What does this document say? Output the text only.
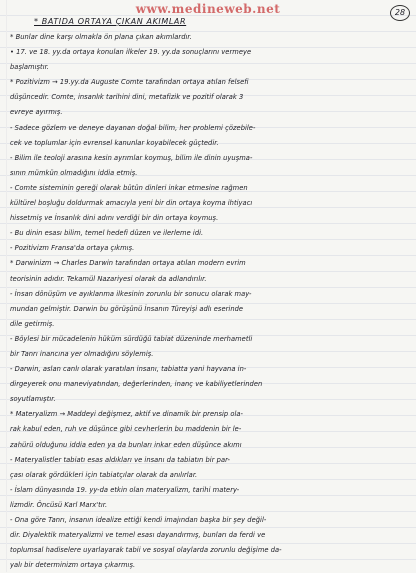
www.medineweb.net	28
* BATIDA ORTAYA ÇIKAN AKIMLAR
* Bunlar dine karşı olmakla ön plana çıkan akımlardır.
• 17. ve 18. yy.da ortaya konulan ilkeler 19. yy.da sonuçlarını vermeye
başlamıştır.
* Pozitivizm → 19.yy.da Auguste Comte tarafından ortaya atılan felsefi
düşüncedir. Comte, insanlık tarihini dini, metafizik ve pozitif olarak 3
evreye ayırmış.
- Sadece gözlem ve deneye dayanan doğal bilim, her problemi çözebile-
cek ve toplumlar için evrensel kanunlar koyabilecek güçtedir.
- Bilim ile teoloji arasına kesin ayrımlar koymuş, bilim ile dinin uyuşma-
sının mümkün olmadığını iddia etmiş.
- Comte sisteminin gereği olarak bütün dinleri inkar etmesine rağmen
kültürel boşluğu doldurmak amacıyla yeni bir din ortaya koyma ihtiyacı
hissetmiş ve İnsanlık dini adını verdiği bir din ortaya koymuş.
- Bu dinin esası bilim, temel hedefi düzen ve ilerleme idi.
- Pozitivizm Fransa'da ortaya çıkmış.
* Darwinizm → Charles Darwin tarafından ortaya atılan modern evrim
teorisinin adıdır. Tekamül Nazariyesi olarak da adlandırılır.
- İnsan dönüşüm ve ayıklanma ilkesinin zorunlu bir sonucu olarak may-
mundan gelmiştir. Darwin bu görüşünü İnsanın Türeyişi adlı eserinde
dile getirmiş.
- Böylesi bir mücadelenin hüküm sürdüğü tabiat düzeninde merhametli
bir Tanrı inancına yer olmadığını söylemiş.
- Darwin, aslan canlı olarak yaratılan insanı, tabiatta yani hayvana in-
dirgeyerek onu maneviyatından, değerlerinden, inanç ve kabiliyetlerinden
soyutlamıştır.
* Materyalizm → Maddeyi değişmez, aktif ve dinamik bir prensip ola-
rak kabul eden, ruh ve düşünce gibi cevherlerin bu maddenin bir le-
zahürü olduğunu iddia eden ya da bunları inkar eden düşünce akımı
- Materyalistler tabiatı esas aldıkları ve insanı da tabiatın bir par-
çası olarak gördükleri için tabiatçılar olarak da anılırlar.
- İslam dünyasında 19. yy-da etkin olan materyalizm, tarihi matery-
lizmdir. Öncüsü Karl Marx'tır.
- Ona göre Tanrı, insanın idealize ettiği kendi imajından başka bir şey değil-
dir. Diyalektik materyalizmi ve temel esası dayandırmış, bunları da ferdi ve
toplumsal hadiselere uyarlayarak tabii ve sosyal olaylarda zorunlu değişime da-
yalı bir determinizm ortaya çıkarmış.
